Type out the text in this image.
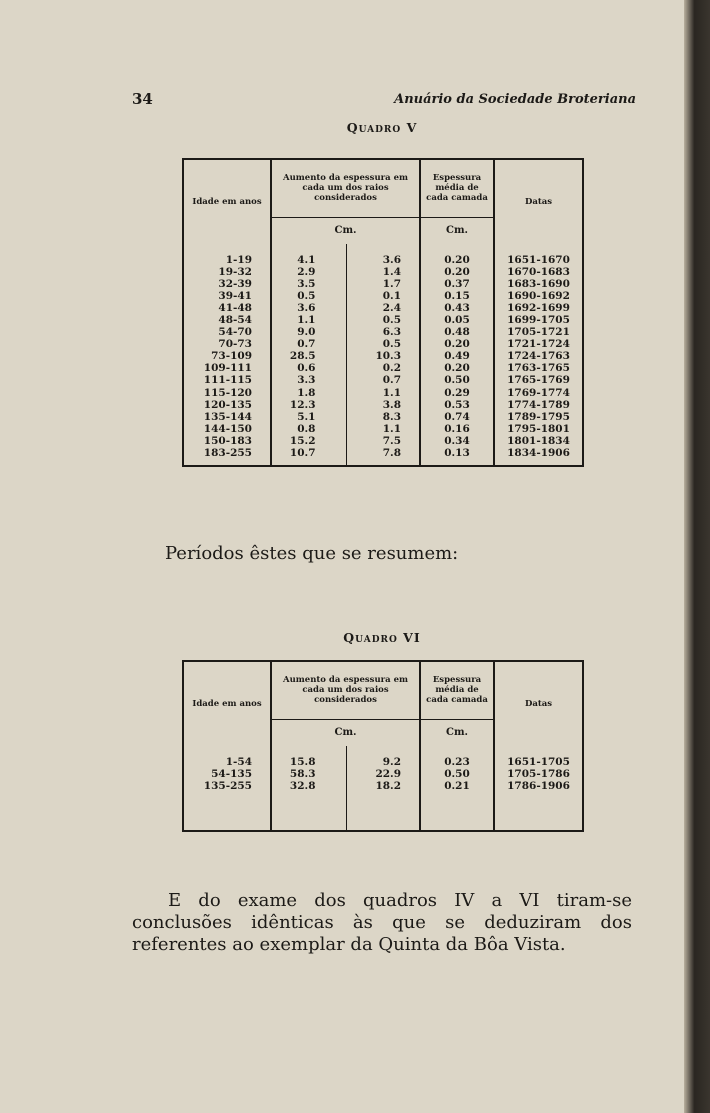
34	Anuário da Sociedade Broteriana
Quadro V
Idade em anos	Aumento da espessura em cada um dos raios considerados		Espessura média de cada camada	Datas
	Cm.		Cm.	

1-19	4.1	3.6	0.20	1651-1670
19-32	2.9	1.4	0.20	1670-1683
32-39	3.5	1.7	0.37	1683-1690
39-41	0.5	0.1	0.15	1690-1692
41-48	3.6	2.4	0.43	1692-1699
48-54	1.1	0.5	0.05	1699-1705
54-70	9.0	6.3	0.48	1705-1721
70-73	0.7	0.5	0.20	1721-1724
73-109	28.5	10.3	0.49	1724-1763
109-111	0.6	0.2	0.20	1763-1765
111-115	3.3	0.7	0.50	1765-1769
115-120	1.8	1.1	0.29	1769-1774
120-135	12.3	3.8	0.53	1774-1789
135-144	5.1	8.3	0.74	1789-1795
144-150	0.8	1.1	0.16	1795-1801
150-183	15.2	7.5	0.34	1801-1834
183-255	10.7	7.8	0.13	1834-1906

Períodos êstes que se resumem:
Quadro VI
Idade em anos	Aumento da espessura em cada um dos raios considerados		Espessura média de cada camada	Datas
	Cm.		Cm.	

1-54	15.8	9.2	0.23	1651-1705
54-135	58.3	22.9	0.50	1705-1786
135-255	32.8	18.2	0.21	1786-1906

E do exame dos quadros IV a VI tiram-se conclusões idênticas às que se deduziram dos referentes ao exemplar da Quinta da Bôa Vista.
